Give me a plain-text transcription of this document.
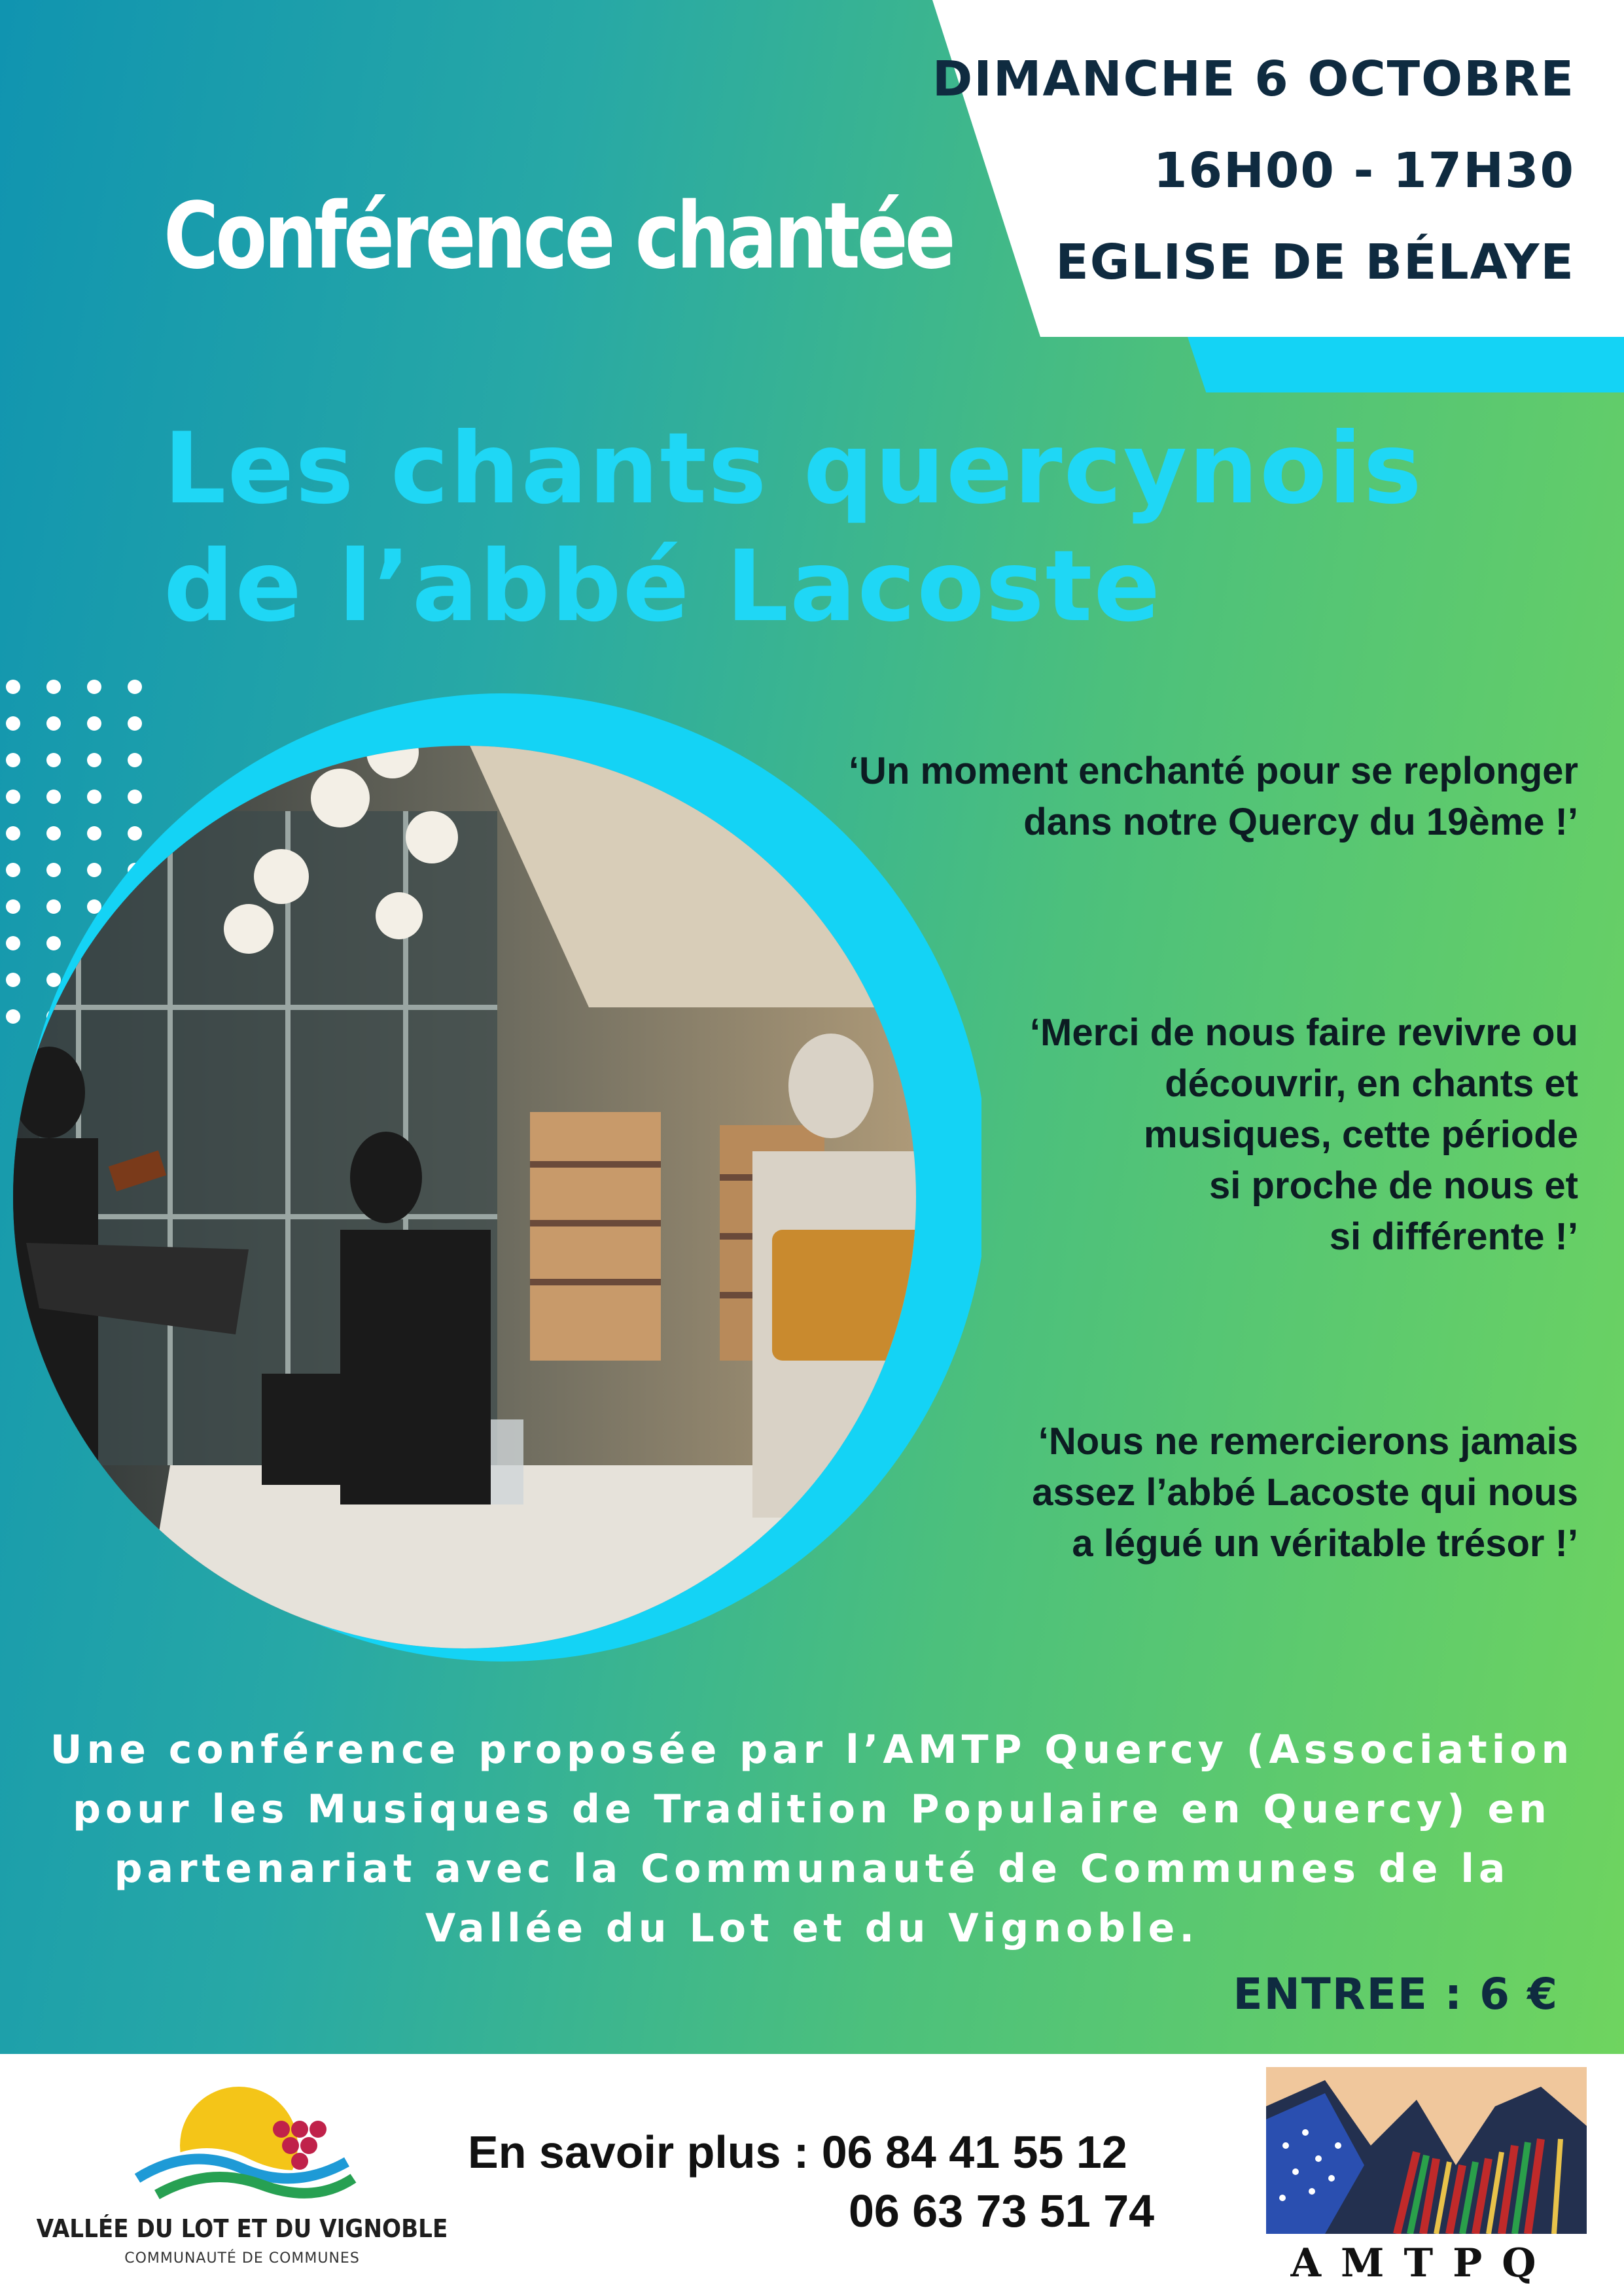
DIMANCHE 6 OCTOBRE
16H00 - 17H30
EGLISE DE BÉLAYE
Conférence chantée
Les chants quercynois
de l’abbé Lacoste
‘Un moment enchanté pour se replonger
dans notre Quercy du 19ème !’
‘Merci de nous faire revivre ou
découvrir, en chants et
musiques, cette période
si proche de nous et
si différente !’
‘Nous ne remercierons jamais
assez l’abbé Lacoste qui nous
a légué un véritable trésor !’
Une conférence proposée par l’AMTP Quercy (Association
pour les Musiques de Tradition Populaire en Quercy) en
partenariat avec la Communauté de Communes de la
Vallée du Lot et du Vignoble.
ENTREE : 6 €
VALLÉE DU LOT ET DU VIGNOBLE
COMMUNAUTÉ DE COMMUNES
En savoir plus : 06 84 41 55 12
06 63 73 51 74
AMTPQ
